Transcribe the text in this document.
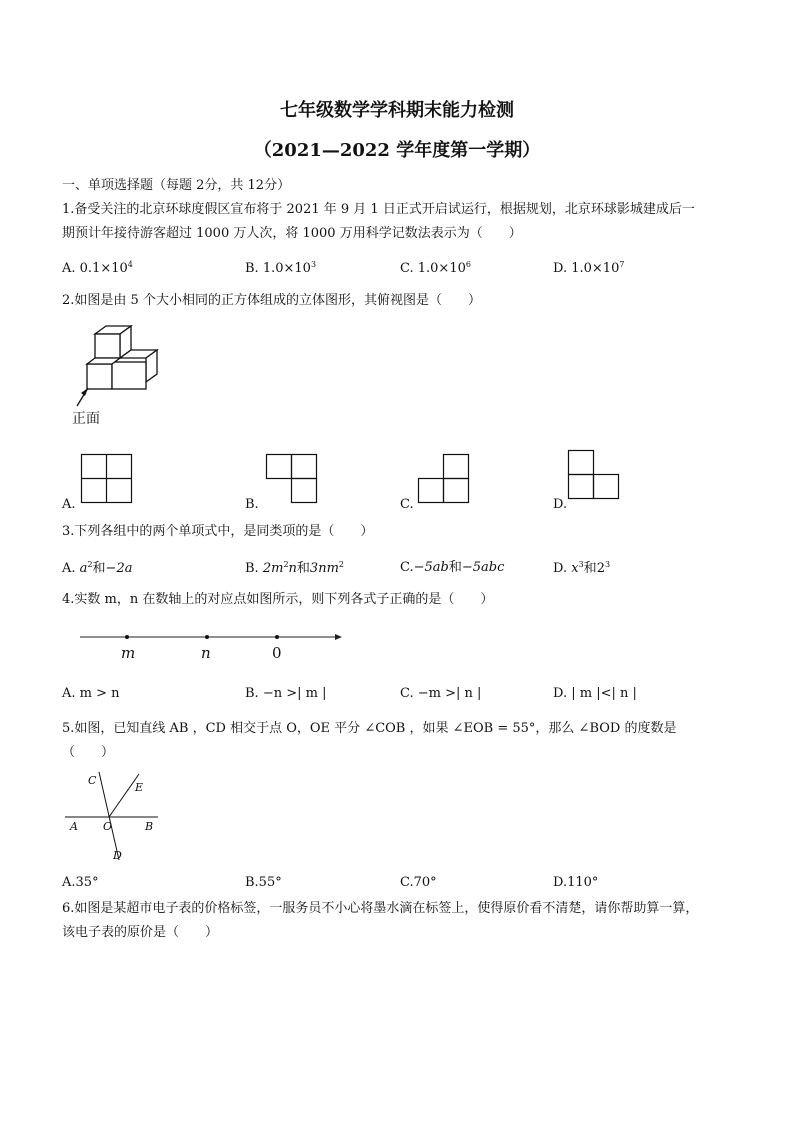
七年级数学学科期末能力检测
（2021—2022 学年度第一学期）
一、单项选择题（每题 2分，共 12分）
1.备受关注的北京环球度假区宣布将于 2021 年 9 月 1 日正式开启试运行，根据规划，北京环球影城建成后一
期预计年接待游客超过 1000 万人次，将 1000 万用科学记数法表示为（　　）
A. $0.1\times 10^4$	B. $1.0\times 10^3$	C. $1.0\times 10^6$	D. $1.0\times 10^7$
2.如图是由 5 个大小相同的正方体组成的立体图形，其俯视图是（　　）
正面
A.	B.	C.	D.
3.下列各组中的两个单项式中，是同类项的是（　　）
A. $a^2$和−2a	B. $2m^2n$和$3nm^2$	C.−5ab和−5abc	D. $x^3$和$2^3$
4.实数 m，n 在数轴上的对应点如图所示，则下列各式子正确的是（　　）
m	n	0
A. m > n	B. −n >| m |	C. −m >| n |	D. | m |<| n |
5.如图，已知直线 AB ，CD 相交于点 O，OE 平分 ∠COB ，如果 ∠EOB = 55°，那么 ∠BOD 的度数是
（　　）
C
E
A O	B
D
A.35°	B.55°	C.70°	D.110°
6.如图是某超市电子表的价格标签，一服务员不小心将墨水滴在标签上，使得原价看不清楚，请你帮助算一算，
该电子表的原价是（　　）
